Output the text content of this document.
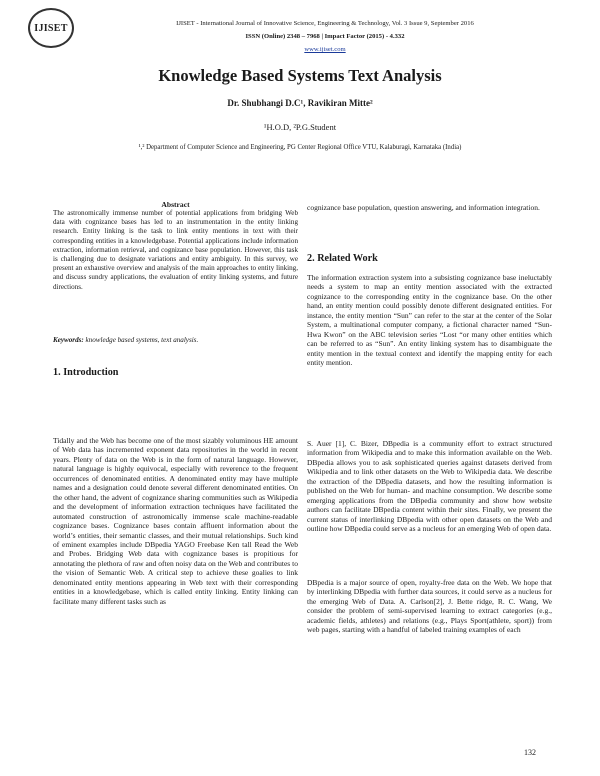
IJISET	IJISET - International Journal of Innovative Science, Engineering & Technology, Vol. 3 Issue 9, September 2016
ISSN (Online) 2348 – 7968 | Impact Factor (2015) - 4.332
www.ijiset.com
Knowledge Based Systems Text Analysis
Dr. Shubhangi D.C¹, Ravikiran Mitte²
¹H.O.D, ²P.G.Student
¹,² Department of Computer Science and Engineering, PG Center Regional Office VTU, Kalaburagi, Karnataka (India)
Abstract
The astronomically immense number of potential applications from bridging Web data with cognizance bases has led to an instrumentation in the entity linking research. Entity linking is the task to link entity mentions in text with their corresponding entities in a knowledgebase. Potential applications include information extraction, information retrieval, and cognizance base population. However, this task is challenging due to designate variations and entity ambiguity. In this survey, we present an exhaustive overview and analysis of the main approaches to entity linking, and discuss sundry applications, the evaluation of entity linking systems, and future directions.
Keywords: knowledge based systems, text analysis.
1. Introduction
Tidally and the Web has become one of the most sizably voluminous HE amount of Web data has incremented exponent data repositories in the world in recent years. Plenty of data on the Web is in the form of natural language. However, natural language is highly equivocal, especially with reverence to the frequent occurrences of denominated entities. A denominated entity may have multiple names and a designation could denote several different denominated entities. On the other hand, the advent of cognizance sharing communities such as Wikipedia and the development of information extraction techniques have facilitated the automated construction of astronomically immense scale machine-readable cognizance bases. Cognizance bases contain affluent information about the world’s entities, their semantic classes, and their mutual relationships. Such kind of eminent examples include DBpedia YAGO Freebase Ken tall Read the Web and Probes. Bridging Web data with cognizance bases is propitious for annotating the plethora of raw and often noisy data on the Web and contributes to the vision of Semantic Web. A critical step to achieve these goalies to link denominated entity mentions appearing in Web text with their corresponding entities in a knowledgebase, which is called entity linking. Entity linking can facilitate many different tasks such as
cognizance base population, question answering, and information integration.
2. Related Work
The information extraction system into a subsisting cognizance base ineluctably needs a system to map an entity mention associated with the extracted cognizance to the corresponding entity in the cognizance base. On the other hand, an entity mention could possibly denote different designated entities. For instance, the entity mention “Sun” can refer to the star at the center of the Solar System, a multinational computer company, a fictional character named “Sun-Hwa Kwon” on the ABC television series “Lost “or many other entities which can be referred to as “Sun”. An entity linking system has to disambiguate the entity mention in the textual context and identify the mapping entity for each entity mention.
S. Auer [1], C. Bizer, DBpedia is a community effort to extract structured information from Wikipedia and to make this information available on the Web. DBpedia allows you to ask sophisticated queries against datasets derived from Wikipedia and to link other datasets on the Web to Wikipedia data. We describe the extraction of the DBpedia datasets, and how the resulting information is published on the Web for human- and machine consumption. We describe some emerging applications from the DBpedia community and show how website authors can facilitate DBpedia content within their sites. Finally, we present the current status of interlinking DBpedia with other open datasets on the Web and outline how DBpedia could serve as a nucleus for an emerging Web of open data.
DBpedia is a major source of open, royalty-free data on the Web. We hope that by interlinking DBpedia with further data sources, it could serve as a nucleus for the emerging Web of Data. A. Carlson[2], J. Bette ridge, R. C. Wang, We consider the problem of semi-supervised learning to extract categories (e.g., academic fields, athletes) and relations (e.g., Plays Sport(athlete, sport)) from web pages, starting with a handful of labeled training examples of each
132
